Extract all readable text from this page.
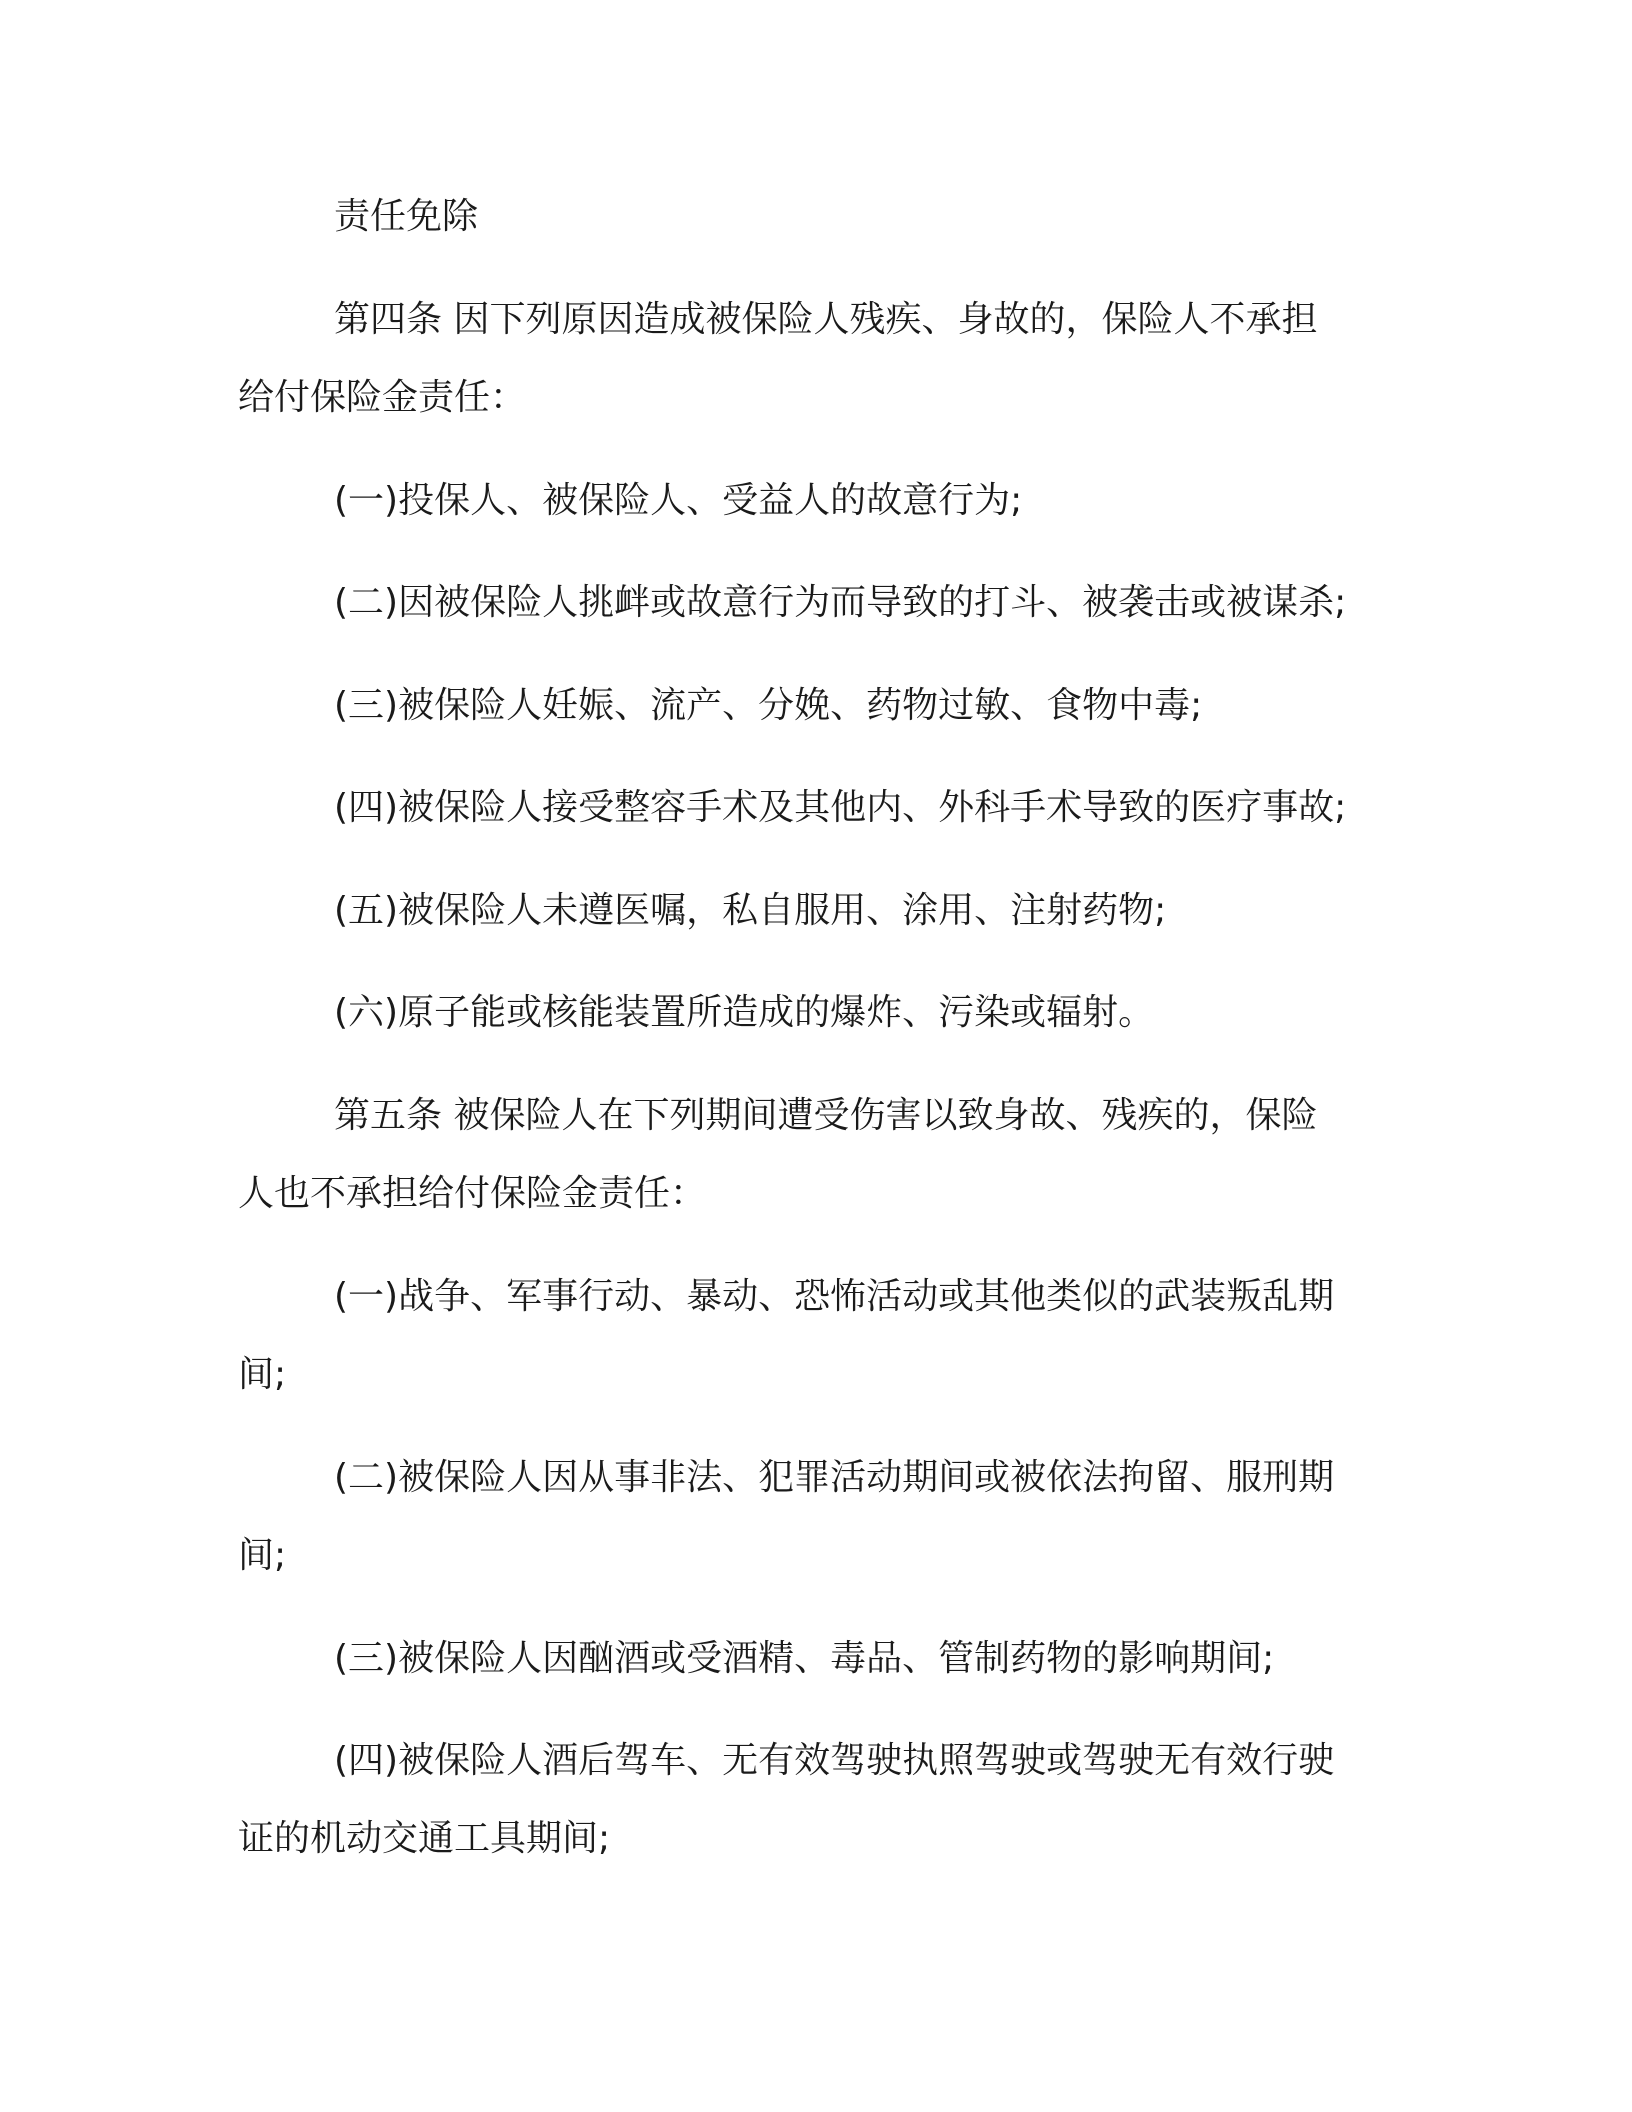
责任免除

第四条 因下列原因造成被保险人残疾、身故的，保险人不承担

给付保险金责任：

(一)投保人、被保险人、受益人的故意行为;

(二)因被保险人挑衅或故意行为而导致的打斗、被袭击或被谋杀;

(三)被保险人妊娠、流产、分娩、药物过敏、食物中毒;

(四)被保险人接受整容手术及其他内、外科手术导致的医疗事故;

(五)被保险人未遵医嘱，私自服用、涂用、注射药物;

(六)原子能或核能装置所造成的爆炸、污染或辐射。

第五条 被保险人在下列期间遭受伤害以致身故、残疾的，保险

人也不承担给付保险金责任：

(一)战争、军事行动、暴动、恐怖活动或其他类似的武装叛乱期

间;

(二)被保险人因从事非法、犯罪活动期间或被依法拘留、服刑期

间;

(三)被保险人因酗酒或受酒精、毒品、管制药物的影响期间;

(四)被保险人酒后驾车、无有效驾驶执照驾驶或驾驶无有效行驶

证的机动交通工具期间;
